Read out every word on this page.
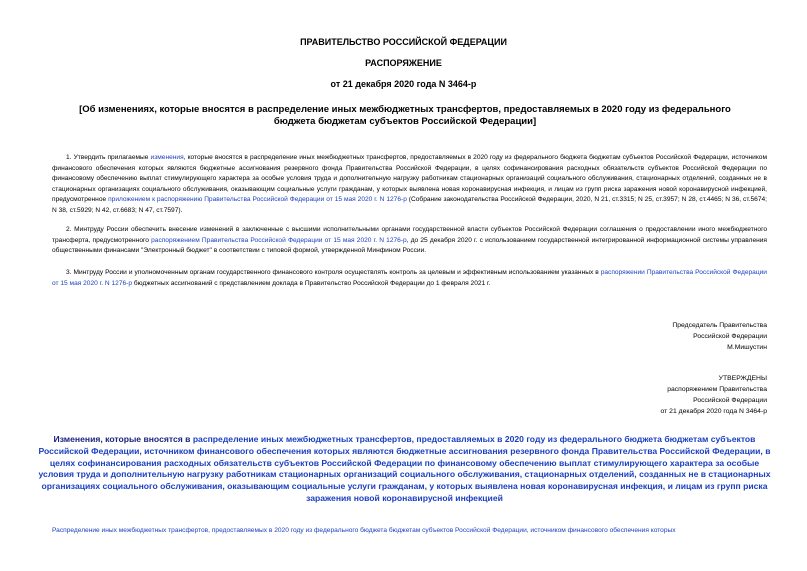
ПРАВИТЕЛЬСТВО РОССИЙСКОЙ ФЕДЕРАЦИИ
РАСПОРЯЖЕНИЕ
от 21 декабря 2020 года N 3464-р
[Об изменениях, которые вносятся в распределение иных межбюджетных трансфертов, предоставляемых в 2020 году из федерального бюджета бюджетам субъектов Российской Федерации]
1. Утвердить прилагаемые изменения, которые вносятся в распределение иных межбюджетных трансфертов, предоставляемых в 2020 году из федерального бюджета бюджетам субъектов Российской Федерации, источником финансового обеспечения которых являются бюджетные ассигнования резервного фонда Правительства Российской Федерации, в целях софинансирования расходных обязательств субъектов Российской Федерации по финансовому обеспечению выплат стимулирующего характера за особые условия труда и дополнительную нагрузку работникам стационарных организаций социального обслуживания, стационарных отделений, созданных не в стационарных организациях социального обслуживания, оказывающим социальные услуги гражданам, у которых выявлена новая коронавирусная инфекция, и лицам из групп риска заражения новой коронавирусной инфекцией, предусмотренное приложением к распоряжению Правительства Российской Федерации от 15 мая 2020 г. N 1276-р (Собрание законодательства Российской Федерации, 2020, N 21, ст.3315; N 25, ст.3957; N 28, ст.4465; N 36, ст.5674; N 38, ст.5929; N 42, ст.6683; N 47, ст.7597).
2. Минтруду России обеспечить внесение изменений в заключенные с высшими исполнительными органами государственной власти субъектов Российской Федерации соглашения о предоставлении иного межбюджетного трансферта, предусмотренного распоряжением Правительства Российской Федерации от 15 мая 2020 г. N 1276-р, до 25 декабря 2020 г. с использованием государственной интегрированной информационной системы управления общественными финансами "Электронный бюджет" в соответствии с типовой формой, утвержденной Минфином России.
3. Минтруду России и уполномоченным органам государственного финансового контроля осуществлять контроль за целевым и эффективным использованием указанных в распоряжении Правительства Российской Федерации от 15 мая 2020 г. N 1276-р бюджетных ассигнований с представлением доклада в Правительство Российской Федерации до 1 февраля 2021 г.
Председатель Правительства
Российской Федерации
М.Мишустин
УТВЕРЖДЕНЫ
распоряжением Правительства
Российской Федерации
от 21 декабря 2020 года N 3464-р
Изменения, которые вносятся в распределение иных межбюджетных трансфертов, предоставляемых в 2020 году из федерального бюджета бюджетам субъектов Российской Федерации, источником финансового обеспечения которых являются бюджетные ассигнования резервного фонда Правительства Российской Федерации, в целях софинансирования расходных обязательств субъектов Российской Федерации по финансовому обеспечению выплат стимулирующего характера за особые условия труда и дополнительную нагрузку работникам стационарных организаций социального обслуживания, стационарных отделений, созданных не в стационарных организациях социального обслуживания, оказывающим социальные услуги гражданам, у которых выявлена новая коронавирусная инфекция, и лицам из групп риска заражения новой коронавирусной инфекцией
Распределение иных межбюджетных трансфертов, предоставляемых в 2020 году из федерального бюджета бюджетам субъектов Российской Федерации, источником финансового обеспечения которых
